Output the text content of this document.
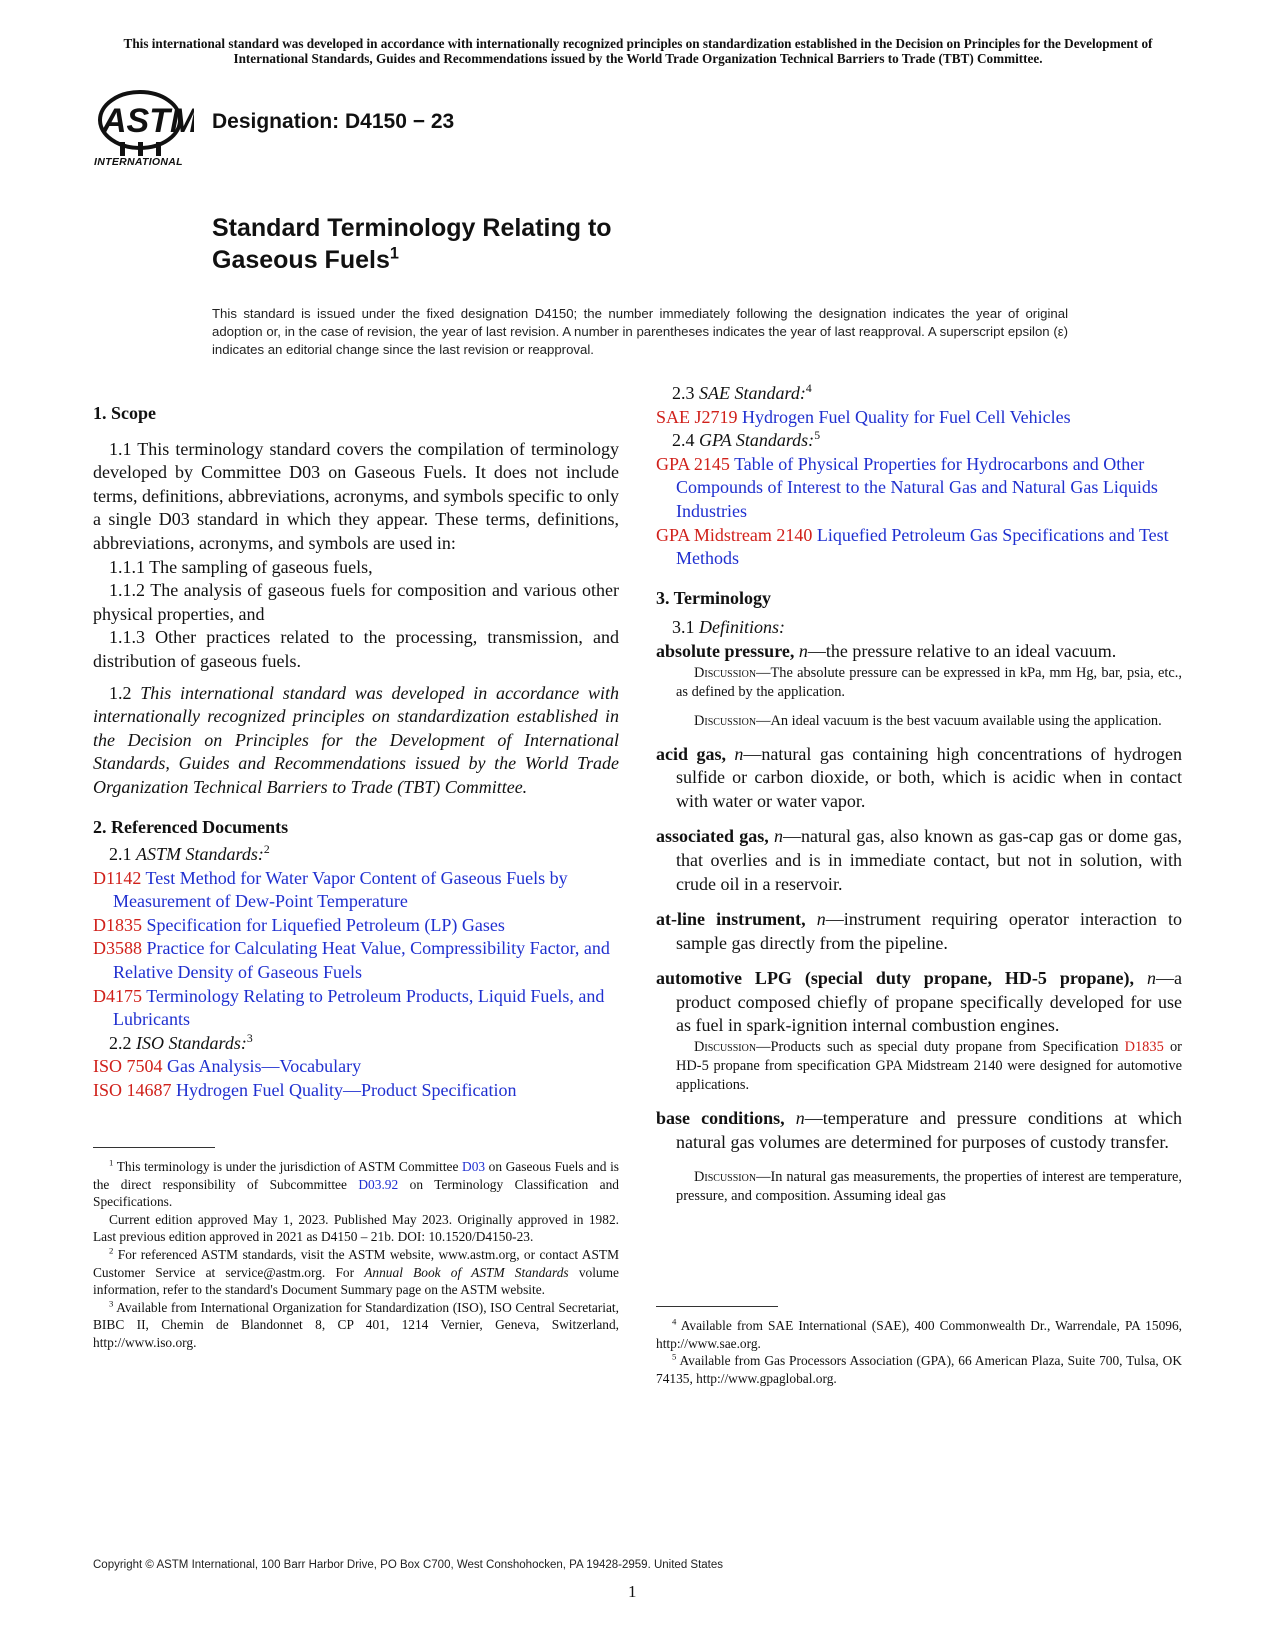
This international standard was developed in accordance with internationally recognized principles on standardization established in the Decision on Principles for the Development of International Standards, Guides and Recommendations issued by the World Trade Organization Technical Barriers to Trade (TBT) Committee.
ASTM
INTERNATIONAL
Designation: D4150 − 23
Standard Terminology Relating to
Gaseous Fuels$^1$
This standard is issued under the fixed designation D4150; the number immediately following the designation indicates the year of original adoption or, in the case of revision, the year of last revision. A number in parentheses indicates the year of last reapproval. A superscript epsilon (ε) indicates an editorial change since the last revision or reapproval.

1. Scope

1.1 This terminology standard covers the compilation of terminology developed by Committee D03 on Gaseous Fuels. It does not include terms, definitions, abbreviations, acronyms, and symbols specific to only a single D03 standard in which they appear. These terms, definitions, abbreviations, acronyms, and symbols are used in:

1.1.1 The sampling of gaseous fuels,

1.1.2 The analysis of gaseous fuels for composition and various other physical properties, and

1.1.3 Other practices related to the processing, transmission, and distribution of gaseous fuels.

1.2 This international standard was developed in accordance with internationally recognized principles on standardization established in the Decision on Principles for the Development of International Standards, Guides and Recommendations issued by the World Trade Organization Technical Barriers to Trade (TBT) Committee.

2. Referenced Documents

2.1 ASTM Standards:$^2$

D1142 Test Method for Water Vapor Content of Gaseous Fuels by Measurement of Dew-Point Temperature

D1835 Specification for Liquefied Petroleum (LP) Gases

D3588 Practice for Calculating Heat Value, Compressibility Factor, and Relative Density of Gaseous Fuels

D4175 Terminology Relating to Petroleum Products, Liquid Fuels, and Lubricants

2.2 ISO Standards:$^3$

ISO 7504 Gas Analysis—Vocabulary

ISO 14687 Hydrogen Fuel Quality—Product Specification

$^1$ This terminology is under the jurisdiction of ASTM Committee D03 on Gaseous Fuels and is the direct responsibility of Subcommittee D03.92 on Terminology Classification and Specifications.

Current edition approved May 1, 2023. Published May 2023. Originally approved in 1982. Last previous edition approved in 2021 as D4150 – 21b. DOI: 10.1520/D4150-23.

$^2$ For referenced ASTM standards, visit the ASTM website, www.astm.org, or contact ASTM Customer Service at service@astm.org. For Annual Book of ASTM Standards volume information, refer to the standard's Document Summary page on the ASTM website.

$^3$ Available from International Organization for Standardization (ISO), ISO Central Secretariat, BIBC II, Chemin de Blandonnet 8, CP 401, 1214 Vernier, Geneva, Switzerland, http://www.iso.org.

2.3 SAE Standard:$^4$

SAE J2719 Hydrogen Fuel Quality for Fuel Cell Vehicles

2.4 GPA Standards:$^5$

GPA 2145 Table of Physical Properties for Hydrocarbons and Other Compounds of Interest to the Natural Gas and Natural Gas Liquids Industries

GPA Midstream 2140 Liquefied Petroleum Gas Specifications and Test Methods

3. Terminology

3.1 Definitions:

absolute pressure, n—the pressure relative to an ideal vacuum.

Discussion—The absolute pressure can be expressed in kPa, mm Hg, bar, psia, etc., as defined by the application.

Discussion—An ideal vacuum is the best vacuum available using the application.

acid gas, n—natural gas containing high concentrations of hydrogen sulfide or carbon dioxide, or both, which is acidic when in contact with water or water vapor.

associated gas, n—natural gas, also known as gas-cap gas or dome gas, that overlies and is in immediate contact, but not in solution, with crude oil in a reservoir.

at-line instrument, n—instrument requiring operator interaction to sample gas directly from the pipeline.

automotive LPG (special duty propane, HD-5 propane), n—a product composed chiefly of propane specifically developed for use as fuel in spark-ignition internal combustion engines.

Discussion—Products such as special duty propane from Specification D1835 or HD-5 propane from specification GPA Midstream 2140 were designed for automotive applications.

base conditions, n—temperature and pressure conditions at which natural gas volumes are determined for purposes of custody transfer.

Discussion—In natural gas measurements, the properties of interest are temperature, pressure, and composition. Assuming ideal gas

$^4$ Available from SAE International (SAE), 400 Commonwealth Dr., Warrendale, PA 15096, http://www.sae.org.

$^5$ Available from Gas Processors Association (GPA), 66 American Plaza, Suite 700, Tulsa, OK 74135, http://www.gpaglobal.org.

Copyright © ASTM International, 100 Barr Harbor Drive, PO Box C700, West Conshohocken, PA 19428-2959. United States
1
